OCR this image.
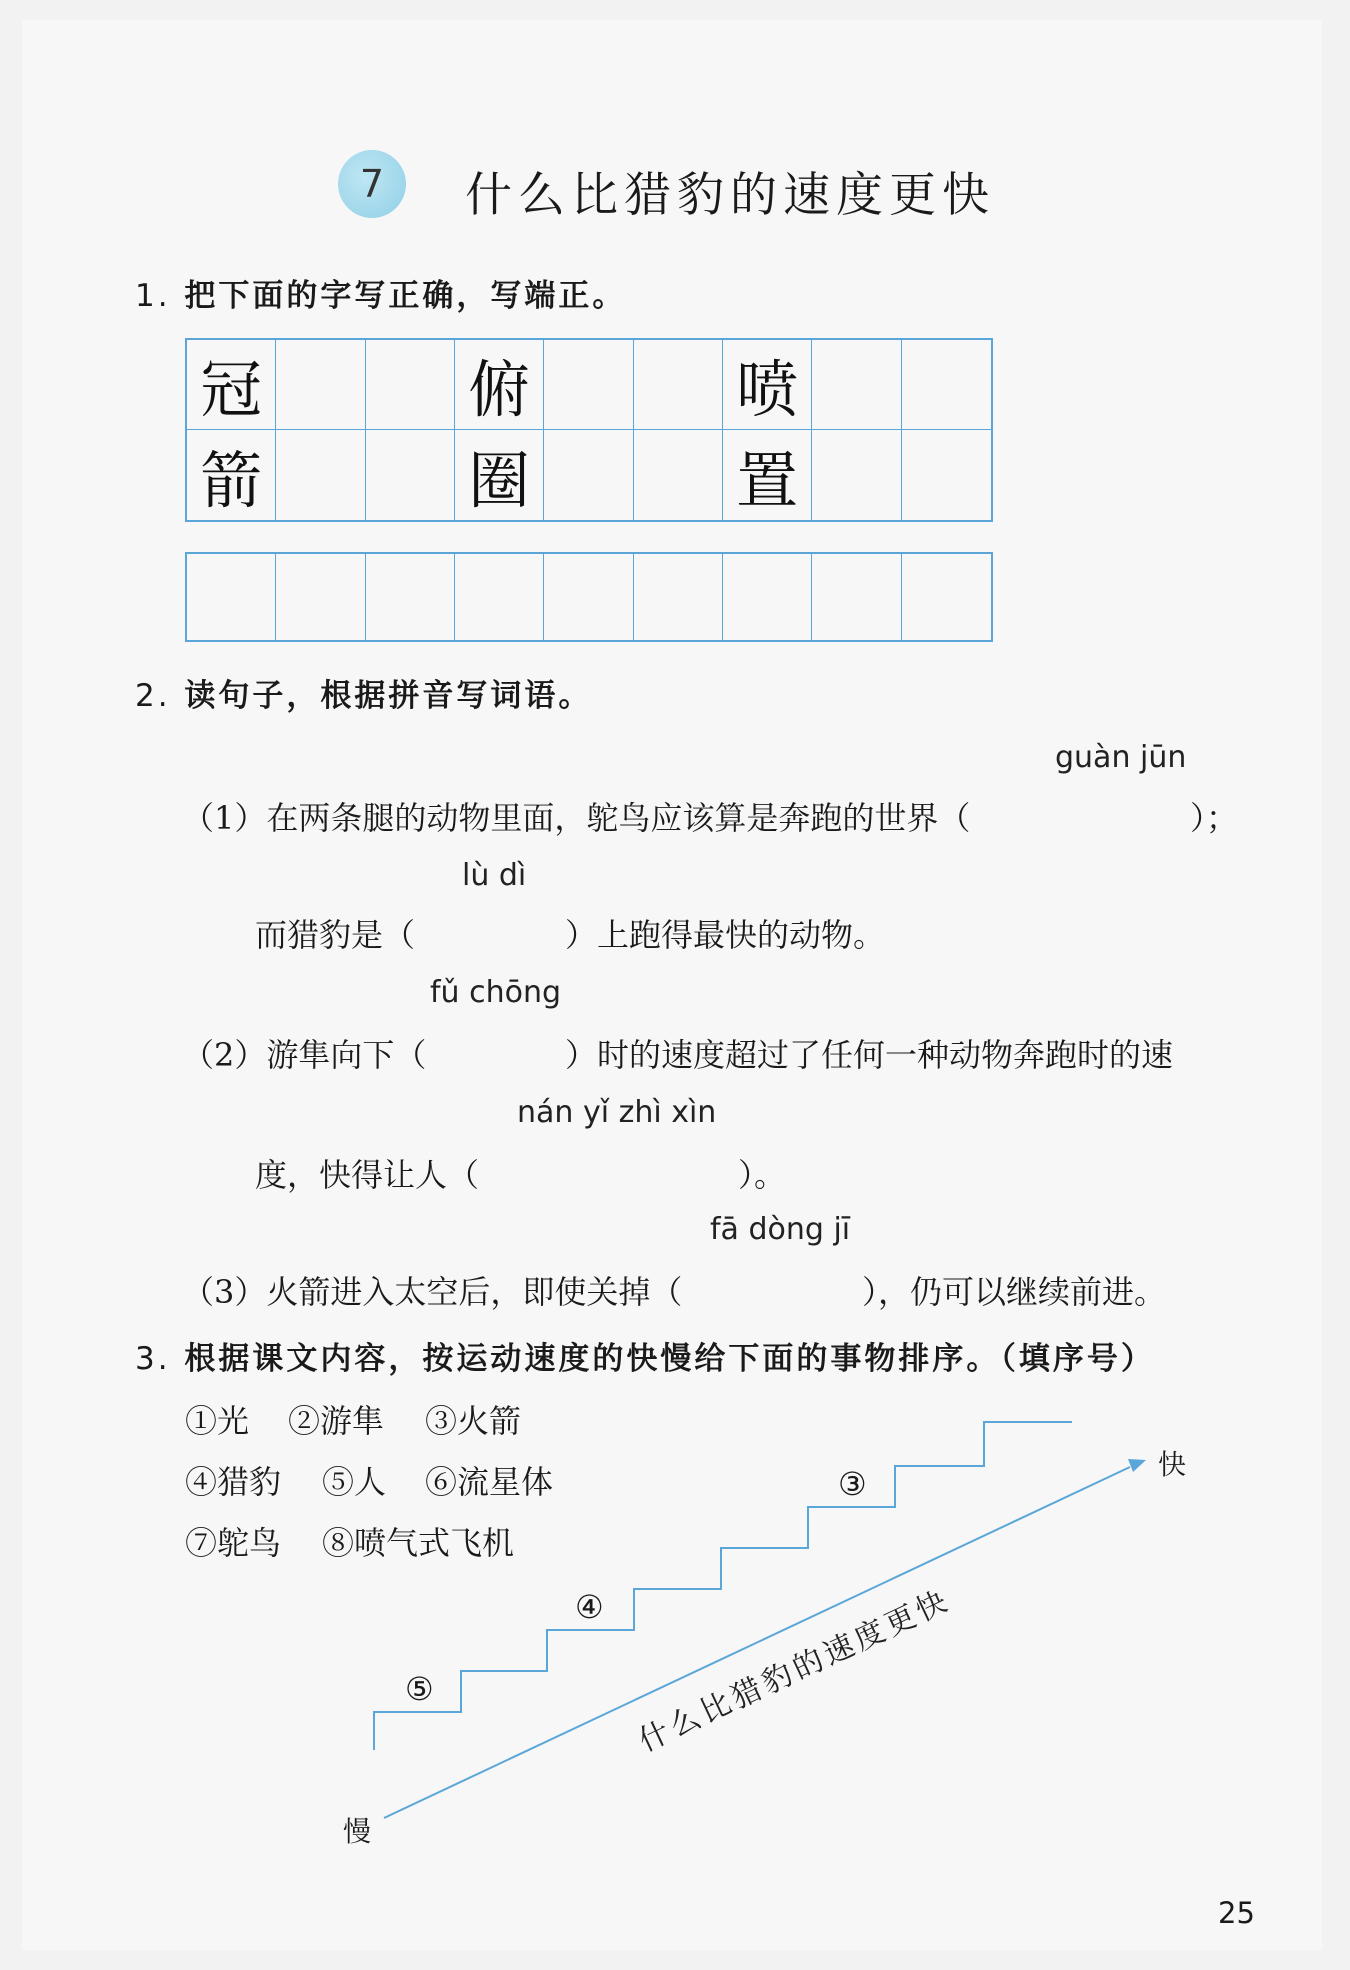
7	什么比猎豹的速度更快
1. 把下面的字写正确，写端正。
冠	俯	喷
箭	圈	置
2. 读句子，根据拼音写词语。
guàn jūn
（1）在两条腿的动物里面，鸵鸟应该算是奔跑的世界（	）；
lù dì
而猎豹是（	）上跑得最快的动物。
fǔ chōng
（2）游隼向下（	）时的速度超过了任何一种动物奔跑时的速
nán yǐ zhì xìn
度，快得让人（	）。
fā dòng jī
（3）火箭进入太空后，即使关掉（	），仍可以继续前进。
3. 根据课文内容，按运动速度的快慢给下面的事物排序。（填序号）
①光 ②游隼 ③火箭
④猎豹 ⑤人 ⑥流星体
⑦鸵鸟 ⑧喷气式飞机
什么比猎豹的速度更快
⑤
④
③
快
慢
25
